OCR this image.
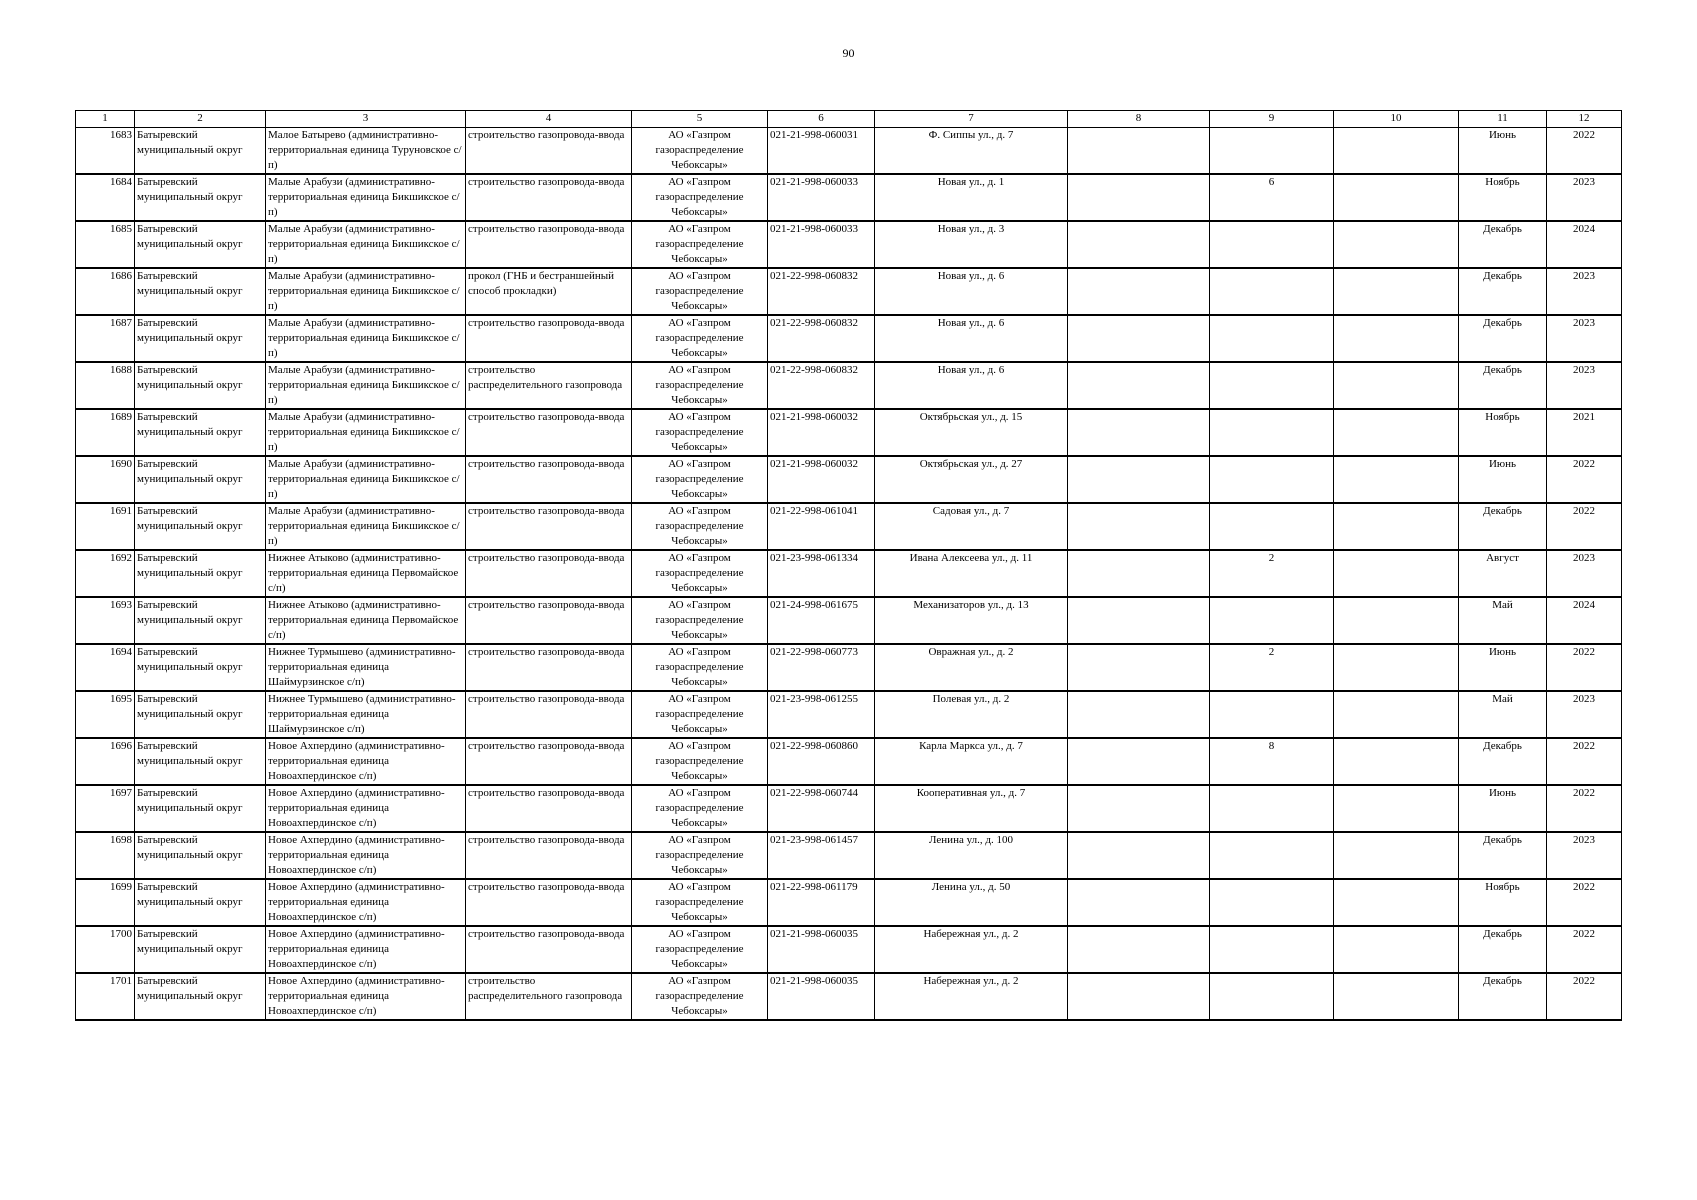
90
1	2	3	4	5	6	7	8	9	10	11	12
1683	Батыревский муниципальный округ	Малое Батырево (административно-территориальная единица Туруновское с/п)	строительство газопровода-ввода	АО «Газпром газораспределение Чебоксары»	021-21-998-060031	Ф. Сиппы ул., д. 7				Июнь	2022
1684	Батыревский муниципальный округ	Малые Арабузи (административно-территориальная единица Бикшикское с/п)	строительство газопровода-ввода	АО «Газпром газораспределение Чебоксары»	021-21-998-060033	Новая ул., д. 1		6		Ноябрь	2023
1685	Батыревский муниципальный округ	Малые Арабузи (административно-территориальная единица Бикшикское с/п)	строительство газопровода-ввода	АО «Газпром газораспределение Чебоксары»	021-21-998-060033	Новая ул., д. 3				Декабрь	2024
1686	Батыревский муниципальный округ	Малые Арабузи (административно-территориальная единица Бикшикское с/п)	прокол (ГНБ и бестраншейный способ прокладки)	АО «Газпром газораспределение Чебоксары»	021-22-998-060832	Новая ул., д. 6				Декабрь	2023
1687	Батыревский муниципальный округ	Малые Арабузи (административно-территориальная единица Бикшикское с/п)	строительство газопровода-ввода	АО «Газпром газораспределение Чебоксары»	021-22-998-060832	Новая ул., д. 6				Декабрь	2023
1688	Батыревский муниципальный округ	Малые Арабузи (административно-территориальная единица Бикшикское с/п)	строительство распределительного газопровода	АО «Газпром газораспределение Чебоксары»	021-22-998-060832	Новая ул., д. 6				Декабрь	2023
1689	Батыревский муниципальный округ	Малые Арабузи (административно-территориальная единица Бикшикское с/п)	строительство газопровода-ввода	АО «Газпром газораспределение Чебоксары»	021-21-998-060032	Октябрьская ул., д. 15				Ноябрь	2021
1690	Батыревский муниципальный округ	Малые Арабузи (административно-территориальная единица Бикшикское с/п)	строительство газопровода-ввода	АО «Газпром газораспределение Чебоксары»	021-21-998-060032	Октябрьская ул., д. 27				Июнь	2022
1691	Батыревский муниципальный округ	Малые Арабузи (административно-территориальная единица Бикшикское с/п)	строительство газопровода-ввода	АО «Газпром газораспределение Чебоксары»	021-22-998-061041	Садовая ул., д. 7				Декабрь	2022
1692	Батыревский муниципальный округ	Нижнее Атыково (административно-территориальная единица Первомайское с/п)	строительство газопровода-ввода	АО «Газпром газораспределение Чебоксары»	021-23-998-061334	Ивана Алексеева ул., д. 11		2		Август	2023
1693	Батыревский муниципальный округ	Нижнее Атыково (административно-территориальная единица Первомайское с/п)	строительство газопровода-ввода	АО «Газпром газораспределение Чебоксары»	021-24-998-061675	Механизаторов ул., д. 13				Май	2024
1694	Батыревский муниципальный округ	Нижнее Турмышево (административно-территориальная единица Шаймурзинское с/п)	строительство газопровода-ввода	АО «Газпром газораспределение Чебоксары»	021-22-998-060773	Овражная ул., д. 2		2		Июнь	2022
1695	Батыревский муниципальный округ	Нижнее Турмышево (административно-территориальная единица Шаймурзинское с/п)	строительство газопровода-ввода	АО «Газпром газораспределение Чебоксары»	021-23-998-061255	Полевая ул., д. 2				Май	2023
1696	Батыревский муниципальный округ	Новое Ахпердино (административно-территориальная единица Новоахпердинское с/п)	строительство газопровода-ввода	АО «Газпром газораспределение Чебоксары»	021-22-998-060860	Карла Маркса ул., д. 7		8		Декабрь	2022
1697	Батыревский муниципальный округ	Новое Ахпердино (административно-территориальная единица Новоахпердинское с/п)	строительство газопровода-ввода	АО «Газпром газораспределение Чебоксары»	021-22-998-060744	Кооперативная ул., д. 7				Июнь	2022
1698	Батыревский муниципальный округ	Новое Ахпердино (административно-территориальная единица Новоахпердинское с/п)	строительство газопровода-ввода	АО «Газпром газораспределение Чебоксары»	021-23-998-061457	Ленина ул., д. 100				Декабрь	2023
1699	Батыревский муниципальный округ	Новое Ахпердино (административно-территориальная единица Новоахпердинское с/п)	строительство газопровода-ввода	АО «Газпром газораспределение Чебоксары»	021-22-998-061179	Ленина ул., д. 50				Ноябрь	2022
1700	Батыревский муниципальный округ	Новое Ахпердино (административно-территориальная единица Новоахпердинское с/п)	строительство газопровода-ввода	АО «Газпром газораспределение Чебоксары»	021-21-998-060035	Набережная ул., д. 2				Декабрь	2022
1701	Батыревский муниципальный округ	Новое Ахпердино (административно-территориальная единица Новоахпердинское с/п)	строительство распределительного газопровода	АО «Газпром газораспределение Чебоксары»	021-21-998-060035	Набережная ул., д. 2				Декабрь	2022
